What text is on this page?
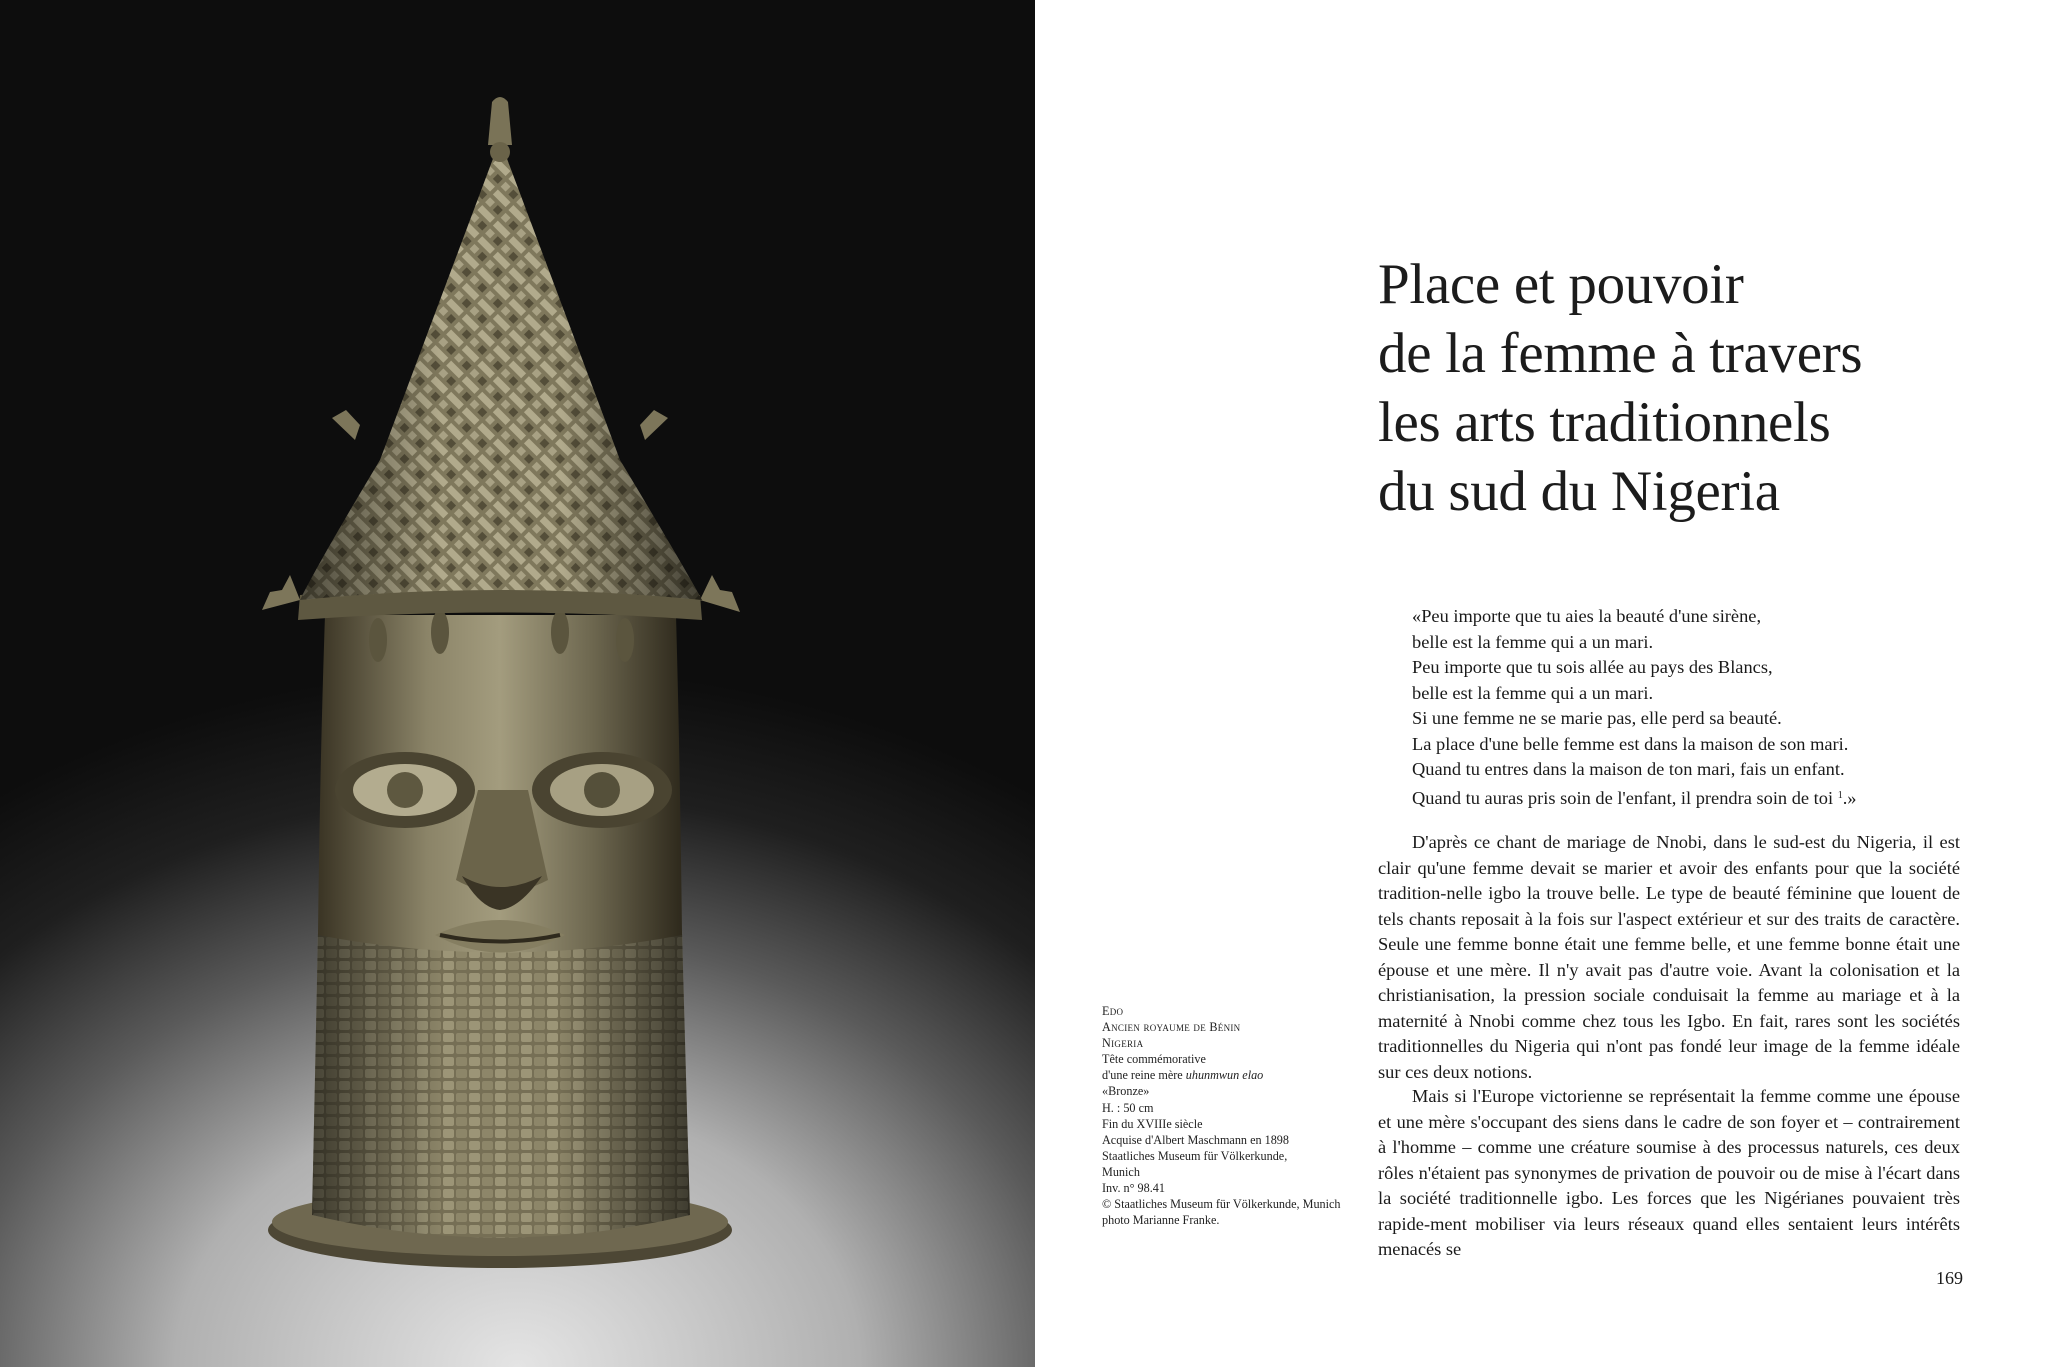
Edo
Ancien royaume de Bénin
Nigeria
Tête commémorative
d'une reine mère uhunmwun elao
«Bronze»
H. : 50 cm
Fin du XVIIIe siècle
Acquise d'Albert Maschmann en 1898
Staatliches Museum für Völkerkunde,
Munich
Inv. n° 98.41
© Staatliches Museum für Völkerkunde, Munich
photo Marianne Franke.
Place et pouvoir
de la femme à travers
les arts traditionnels
du sud du Nigeria
«Peu importe que tu aies la beauté d'une sirène,
belle est la femme qui a un mari.
Peu importe que tu sois allée au pays des Blancs,
belle est la femme qui a un mari.
Si une femme ne se marie pas, elle perd sa beauté.
La place d'une belle femme est dans la maison de son mari.
Quand tu entres dans la maison de ton mari, fais un enfant.
Quand tu auras pris soin de l'enfant, il prendra soin de toi $^1$.»

D'après ce chant de mariage de Nnobi, dans le sud-est du Nigeria, il est clair qu'une femme devait se marier et avoir des enfants pour que la société tradition-nelle igbo la trouve belle. Le type de beauté féminine que louent de tels chants reposait à la fois sur l'aspect extérieur et sur des traits de caractère. Seule une femme bonne était une femme belle, et une femme bonne était une épouse et une mère. Il n'y avait pas d'autre voie. Avant la colonisation et la christianisation, la pression sociale conduisait la femme au mariage et à la maternité à Nnobi comme chez tous les Igbo. En fait, rares sont les sociétés traditionnelles du Nigeria qui n'ont pas fondé leur image de la femme idéale sur ces deux notions.

Mais si l'Europe victorienne se représentait la femme comme une épouse et une mère s'occupant des siens dans le cadre de son foyer et – contrairement à l'homme – comme une créature soumise à des processus naturels, ces deux rôles n'étaient pas synonymes de privation de pouvoir ou de mise à l'écart dans la société traditionnelle igbo. Les forces que les Nigérianes pouvaient très rapide-ment mobiliser via leurs réseaux quand elles sentaient leurs intérêts menacés se

169
